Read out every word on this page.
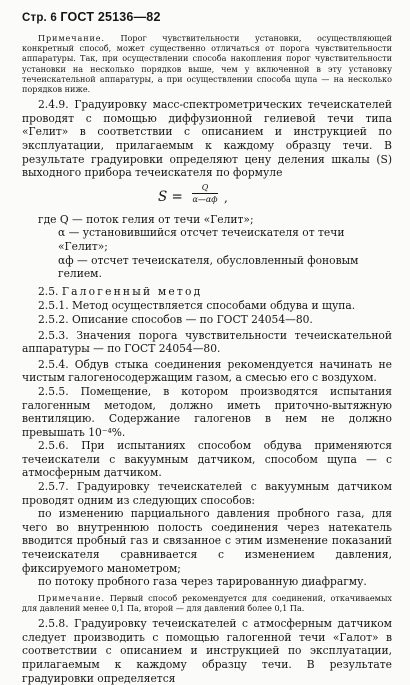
Стр. 6 ГОСТ 25136—82

Примечание. Порог чувствительности установки, осуществляющей конкретный способ, может существенно отличаться от порога чувствительности аппаратуры. Так, при осуществлении способа накопления порог чувствительности установки на несколько порядков выше, чем у включенной в эту установку течеискательной аппаратуры, а при осуществлении способа щупа — на несколько порядков ниже.

2.4.9. Градуировку масс-спектрометрических течеискателей проводят с помощью диффузионной гелиевой течи типа «Гелит» в соответствии с описанием и инструкцией по эксплуатации, прилагаемым к каждому образцу течи. В результате градуировки определяют цену деления шкалы (S) выходного прибора течеискателя по формуле

S =
Q
α—αф ,

где Q — поток гелия от течи «Гелит»;

α — установившийся отсчет течеискателя от течи «Гелит»;

αф — отсчет течеискателя, обусловленный фоновым гелием.

2.5. Галогенный метод

2.5.1. Метод осуществляется способами обдува и щупа.

2.5.2. Описание способов — по ГОСТ 24054—80.

2.5.3. Значения порога чувствительности течеискательной аппаратуры — по ГОСТ 24054—80.

2.5.4. Обдув стыка соединения рекомендуется начинать не чистым галогеносодержащим газом, а смесью его с воздухом.

2.5.5. Помещение, в котором производятся испытания галогенным методом, должно иметь приточно-вытяжную вентиляцию. Содержание галогенов в нем не должно превышать 10⁻⁴%.

2.5.6. При испытаниях способом обдува применяются течеискатели с вакуумным датчиком, способом щупа — с атмосферным датчиком.

2.5.7. Градуировку течеискателей с вакуумным датчиком проводят одним из следующих способов:

по изменению парциального давления пробного газа, для чего во внутреннюю полость соединения через натекатель вводится пробный газ и связанное с этим изменение показаний течеискателя сравнивается с изменением давления, фиксируемого манометром;

по потоку пробного газа через тарированную диафрагму.

Примечание. Первый способ рекомендуется для соединений, откачиваемых для давлений менее 0,1 Па, второй — для давлений более 0,1 Па.

2.5.8. Градуировку течеискателей с атмосферным датчиком следует производить с помощью галогенной течи «Галот» в соответствии с описанием и инструкцией по эксплуатации, прилагаемым к каждому образцу течи. В результате градуировки определяется
